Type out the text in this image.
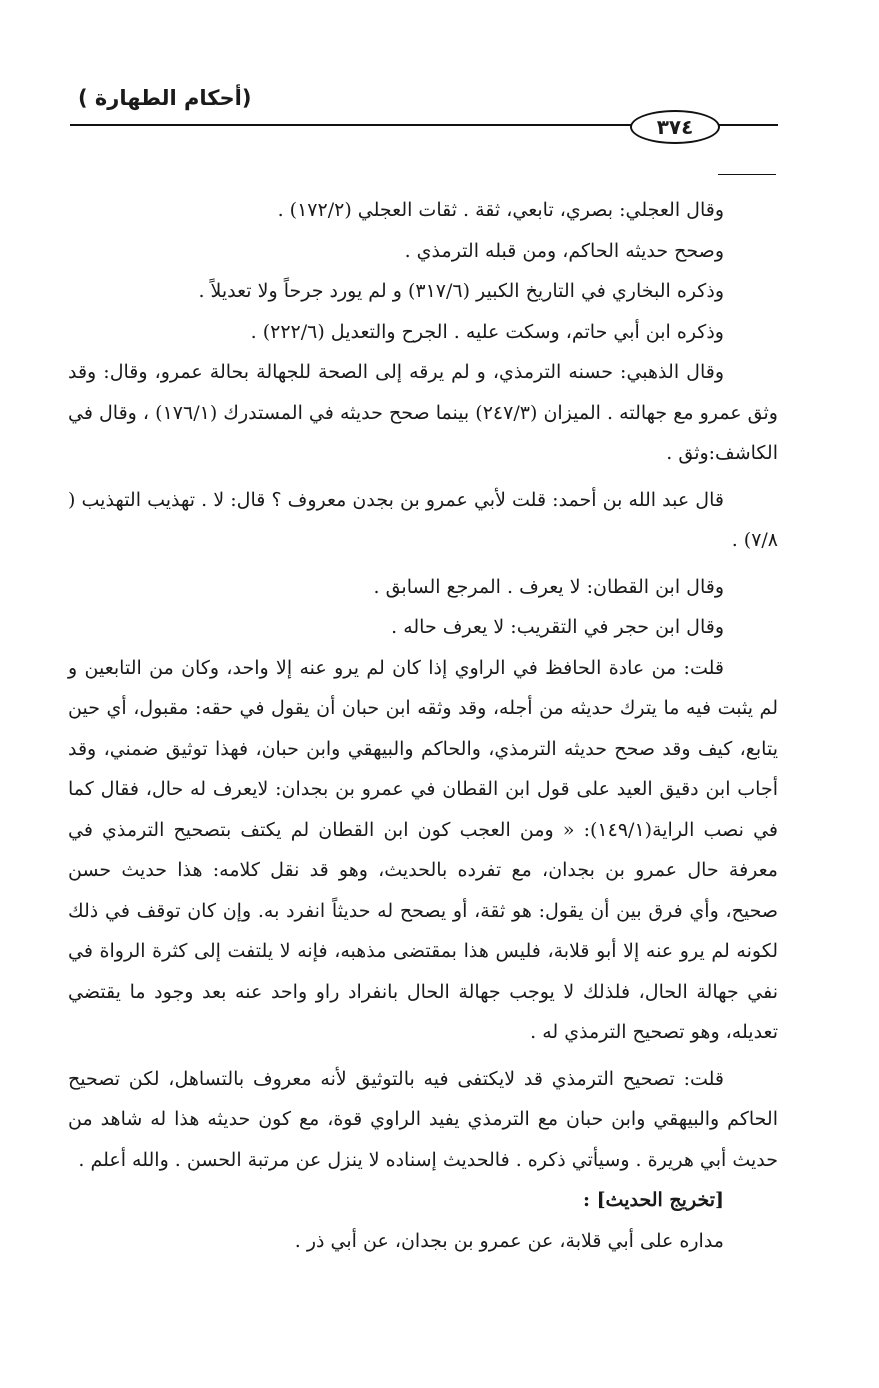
(أحكام الطهارة )
٣٧٤

وقال العجلي: بصري، تابعي، ثقة . ثقات العجلي (١٧٢/٢) .

وصحح حديثه الحاكم، ومن قبله الترمذي .

وذكره البخاري في التاريخ الكبير (٣١٧/٦) و لم يورد جرحاً ولا تعديلاً .

وذكره ابن أبي حاتم، وسكت عليه . الجرح والتعديل (٢٢٢/٦) .

وقال الذهبي: حسنه الترمذي، و لم يرقه إلى الصحة للجهالة بحالة عمرو، وقال: وقد وثق عمرو مع جهالته . الميزان (٢٤٧/٣) بينما صحح حديثه في المستدرك (١٧٦/١) ، وقال في الكاشف:وثق .

قال عبد الله بن أحمد: قلت لأبي عمرو بن بجدن معروف ؟ قال: لا . تهذيب التهذيب ( ٧/٨) .

وقال ابن القطان: لا يعرف . المرجع السابق .

وقال ابن حجر في التقريب: لا يعرف حاله .

قلت: من عادة الحافظ في الراوي إذا كان لم يرو عنه إلا واحد، وكان من التابعين و لم يثبت فيه ما يترك حديثه من أجله، وقد وثقه ابن حبان أن يقول في حقه: مقبول، أي حين يتابع، كيف وقد صحح حديثه الترمذي، والحاكم والبيهقي وابن حبان، فهذا توثيق ضمني، وقد أجاب ابن دقيق العيد على قول ابن القطان في عمرو بن بجدان: لايعرف له حال، فقال كما في نصب الراية(١٤٩/١): « ومن العجب كون ابن القطان لم يكتف بتصحيح الترمذي في معرفة حال عمرو بن بجدان، مع تفرده بالحديث، وهو قد نقل كلامه: هذا حديث حسن صحيح، وأي فرق بين أن يقول: هو ثقة، أو يصحح له حديثاً انفرد به. وإن كان توقف في ذلك لكونه لم يرو عنه إلا أبو قلابة، فليس هذا بمقتضى مذهبه، فإنه لا يلتفت إلى كثرة الرواة في نفي جهالة الحال، فلذلك لا يوجب جهالة الحال بانفراد راو واحد عنه بعد وجود ما يقتضي تعديله، وهو تصحيح الترمذي له .

قلت: تصحيح الترمذي قد لايكتفى فيه بالتوثيق لأنه معروف بالتساهل، لكن تصحيح الحاكم والبيهقي وابن حبان مع الترمذي يفيد الراوي قوة، مع كون حديثه هذا له شاهد من حديث أبي هريرة . وسيأتي ذكره . فالحديث إسناده لا ينزل عن مرتبة الحسن . والله أعلم .

[تخريج الحديث] :

مداره على أبي قلابة، عن عمرو بن بجدان، عن أبي ذر .
